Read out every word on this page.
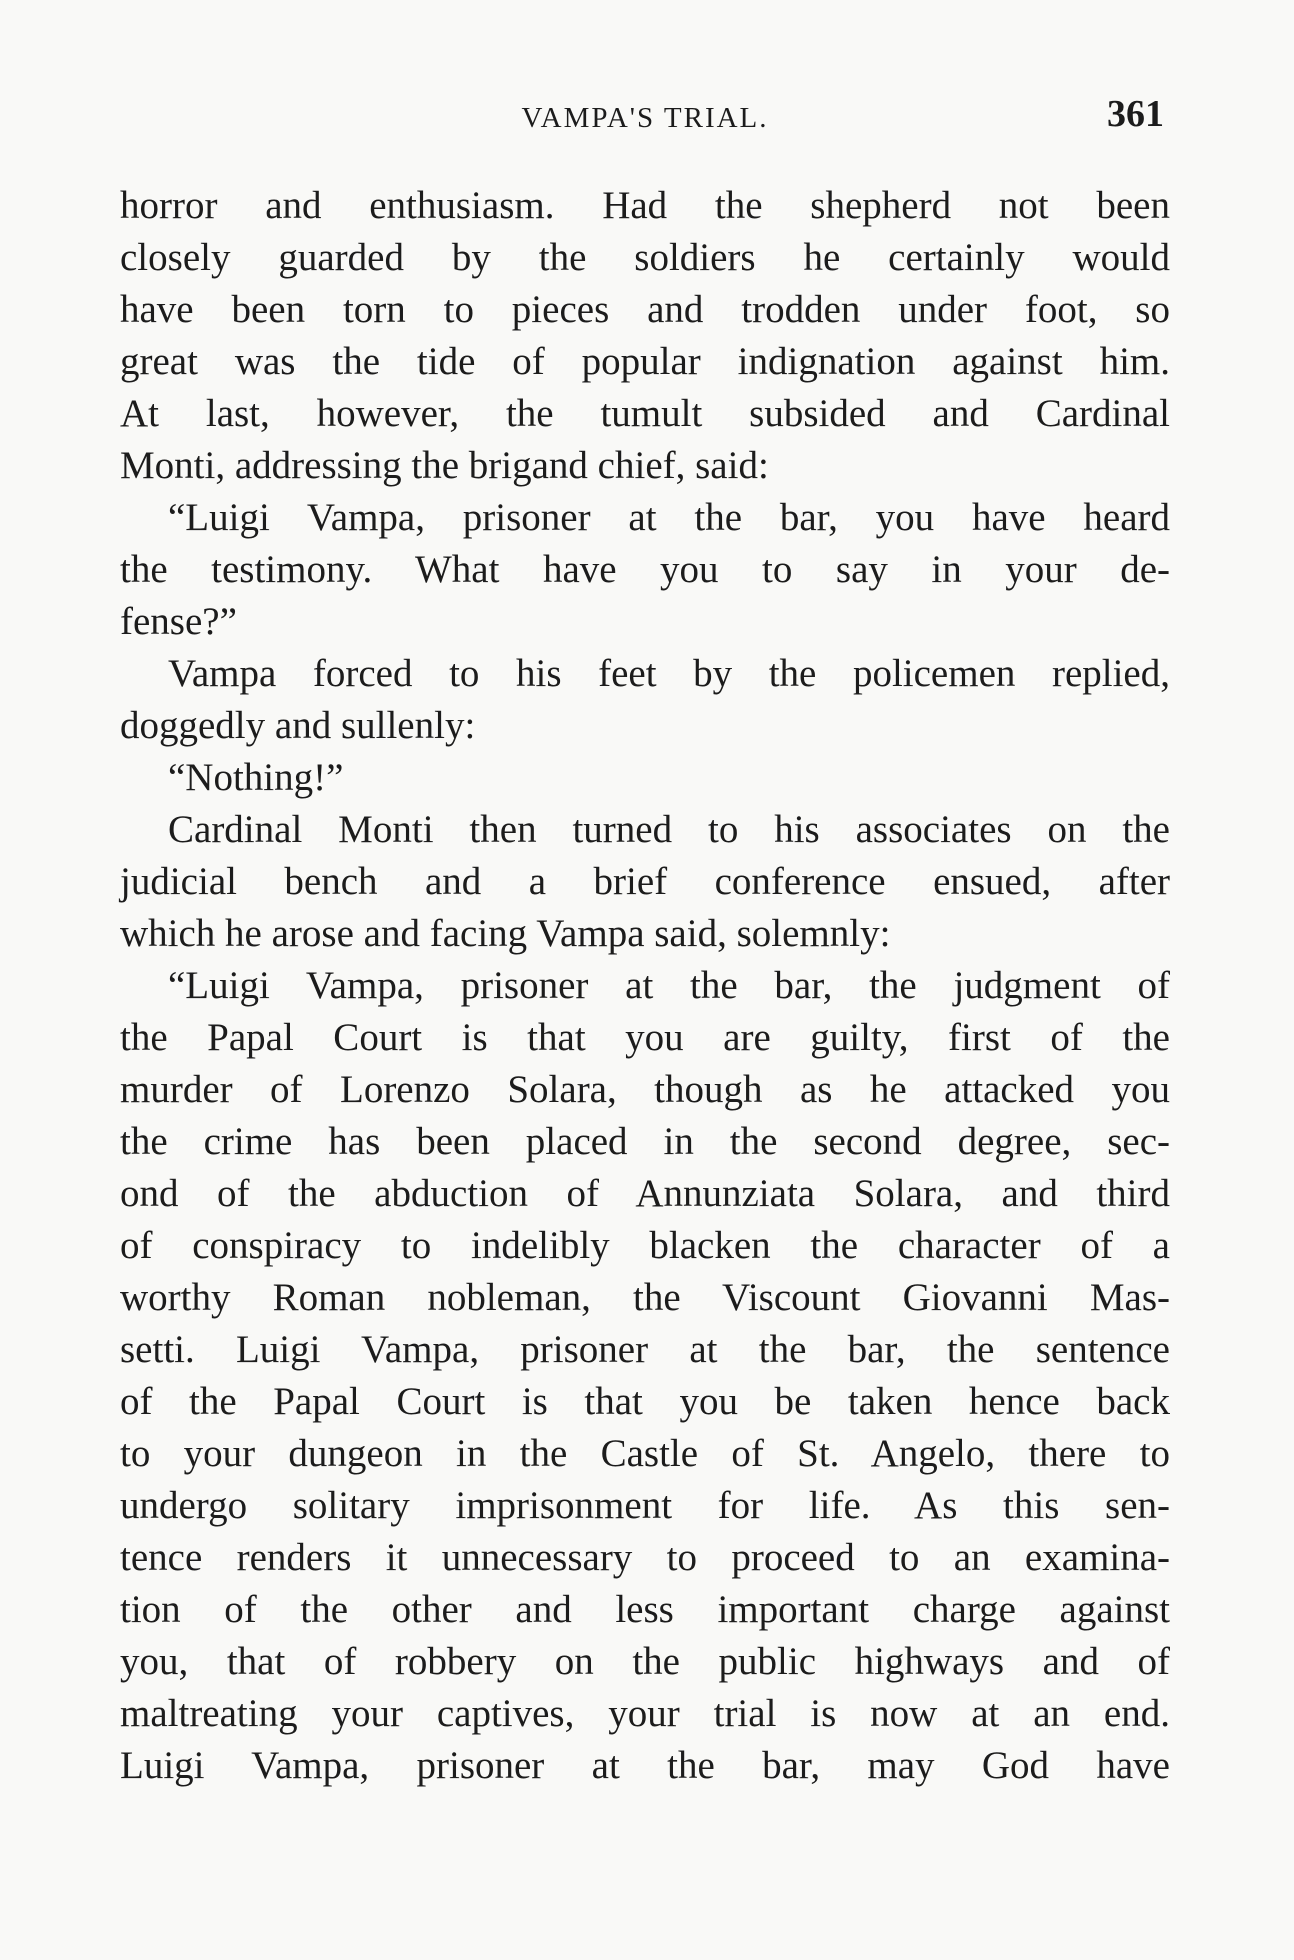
VAMPA'S TRIAL.	361
horror and enthusiasm. Had the shepherd not been
closely guarded by the soldiers he certainly would
have been torn to pieces and trodden under foot, so
great was the tide of popular indignation against him.
At last, however, the tumult subsided and Cardinal
Monti, addressing the brigand chief, said:
“Luigi Vampa, prisoner at the bar, you have heard
the testimony. What have you to say in your de-
fense?”
Vampa forced to his feet by the policemen replied,
doggedly and sullenly:
“Nothing!”
Cardinal Monti then turned to his associates on the
judicial bench and a brief conference ensued, after
which he arose and facing Vampa said, solemnly:
“Luigi Vampa, prisoner at the bar, the judgment of
the Papal Court is that you are guilty, first of the
murder of Lorenzo Solara, though as he attacked you
the crime has been placed in the second degree, sec-
ond of the abduction of Annunziata Solara, and third
of conspiracy to indelibly blacken the character of a
worthy Roman nobleman, the Viscount Giovanni Mas-
setti. Luigi Vampa, prisoner at the bar, the sentence
of the Papal Court is that you be taken hence back
to your dungeon in the Castle of St. Angelo, there to
undergo solitary imprisonment for life. As this sen-
tence renders it unnecessary to proceed to an examina-
tion of the other and less important charge against
you, that of robbery on the public highways and of
maltreating your captives, your trial is now at an end.
Luigi Vampa, prisoner at the bar, may God have
